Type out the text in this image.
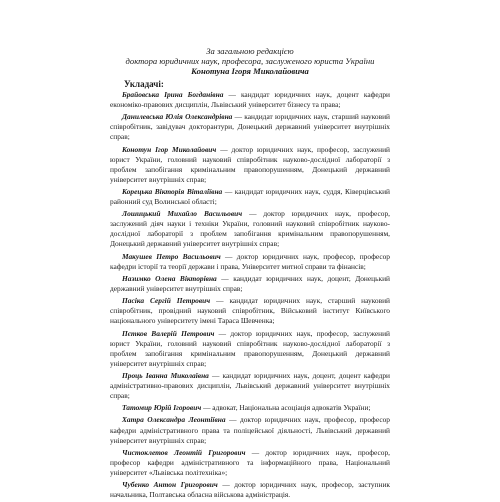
За загальною редакцією
доктора юридичних наук, професора, заслуженого юриста України
Конотуна Ігоря Миколайовича
Укладачі:

Брайовська Ірина Богданівна — кандидат юридичних наук, доцент кафедри економіко-правових дисциплін, Львівський університет бізнесу та права;

Данилевська Юлія Олександрівна — кандидат юридичних наук, старший науковий співробітник, завідувач докторантури, Донецький державний університет внутрішніх справ;

Конотун Ігор Миколайович — доктор юридичних наук, професор, заслужений юрист України, головний науковий співробітник науково-дослідної лабораторії з проблем запобігання кримінальним правопорушенням, Донецький державний університет внутрішніх справ;

Корецька Вікторія Віталіївна — кандидат юридичних наук, суддя, Ківерцівський районний суд Волинської області;

Лошицький Михайло Васильович — доктор юридичних наук, професор, заслужений діяч науки і техніки України, головний науковий співробітник науково-дослідної лабораторії з проблем запобігання кримінальним правопорушенням, Донецький державний університет внутрішніх справ;

Макушев Петро Васильович — доктор юридичних наук, професор, професор кафедри історії та теорії держави і права, Університет митної справи та фінансів;

Назимко Олена Вікторівна — кандидат юридичних наук, доцент, Донецький державний університет внутрішніх справ;

Пасіка Сергій Петрович — кандидат юридичних наук, старший науковий співробітник, провідний науковий співробітник, Військовий інститут Київського національного університету імені Тараса Шевченка;

Пєтков Валерій Петрович — доктор юридичних наук, професор, заслужений юрист України, головний науковий співробітник науково-дослідної лабораторії з проблем запобігання кримінальним правопорушенням, Донецький державний університет внутрішніх справ;

Проць Іванна Миколаївна — кандидат юридичних наук, доцент, доцент кафедри адміністративно-правових дисциплін, Львівський державний університет внутрішніх справ;

Татомир Юрій Ігорович — адвокат, Національна асоціація адвокатів України;

Хатра Олександра Леонтіївна — доктор юридичних наук, професор, професор кафедри адміністративного права та поліцейської діяльності, Львівський державний університет внутрішніх справ;

Чистоклетов Леонтій Григорович — доктор юридичних наук, професор, професор кафедри адміністративного та інформаційного права, Національний університет «Львівська політехніка»;

Чубенко Антон Григорович — доктор юридичних наук, професор, заступник начальника, Полтавська обласна військова адміністрація.
